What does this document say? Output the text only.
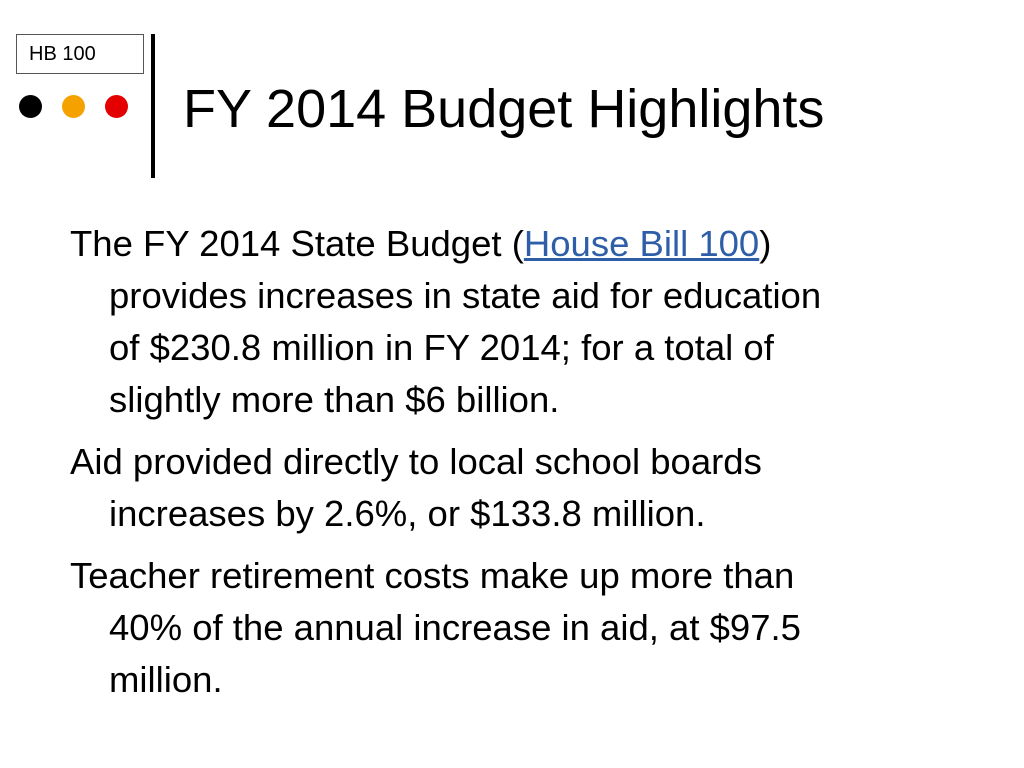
HB 100
FY 2014 Budget Highlights
The FY 2014 State Budget (House Bill 100)
provides increases in state aid for education
of $230.8 million in FY 2014; for a total of
slightly more than $6 billion.
Aid provided directly to local school boards
increases by 2.6%, or $133.8 million.
Teacher retirement costs make up more than
40% of the annual increase in aid, at $97.5
million.
